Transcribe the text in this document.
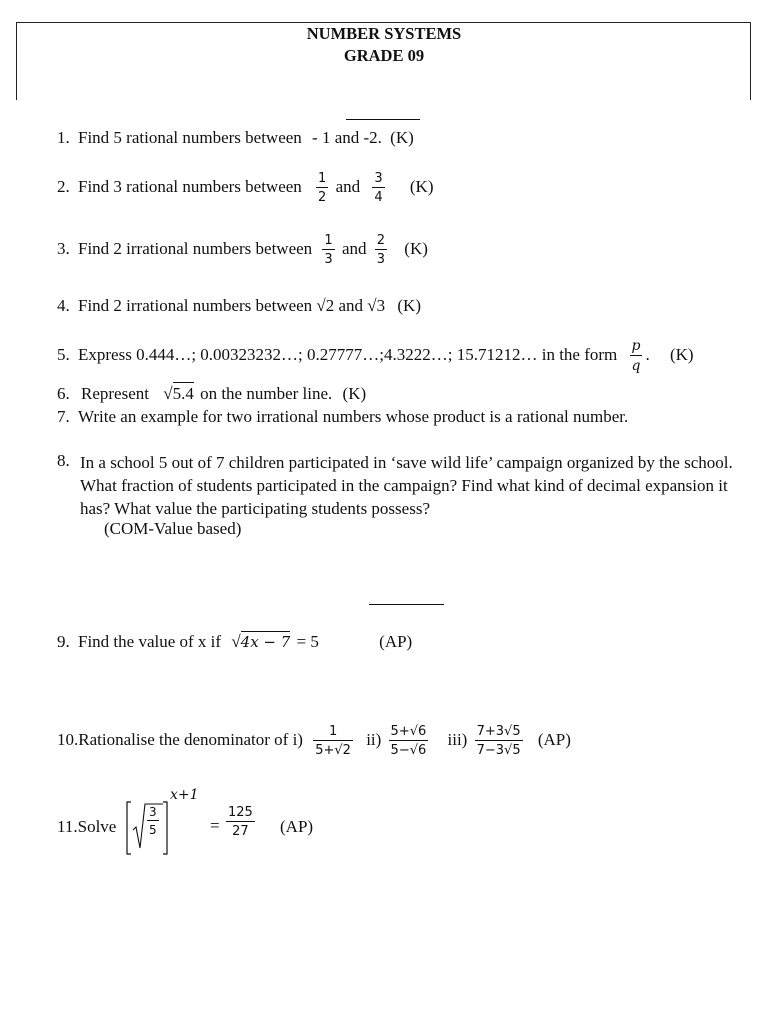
NUMBER SYSTEMS
GRADE 09
1. Find 5 rational numbers between - 1 and -2. (K)
2. Find 3 rational numbers between $\frac{1}{2}$ and $\frac{3}{4} (K)$
3. Find 2 irrational numbers between $\frac{1}{3}$ and $\frac{2}{3} (K)$
4. Find 2 irrational numbers between √2 and √3 (K)
5. Express 0.444…; 0.00323232…; 0.27777…;4.3222…; 15.71212… in the form $\frac{p}{q}$ . (K)
6. Represent √5.4 on the number line. (K)
7. Write an example for two irrational numbers whose product is a rational number.
8. In a school 5 out of 7 children participated in ‘save wild life’ campaign organized by the school. What fraction of students participated in the campaign? Find what kind of decimal expansion it has? What value the participating students possess?
(COM-Value based)
9. Find the value of x if √4x − 7 = 5	(AP)
10.Rationalise the denominator of $i) \frac{1}{5+√2} ii) \frac{5+√6}{5-√6} iii) \frac{7+3√5}{7-3√5} (AP)$
11.Solve	$\frac{3}{5}$
x+1
= $\frac{125}{27} (AP)$
